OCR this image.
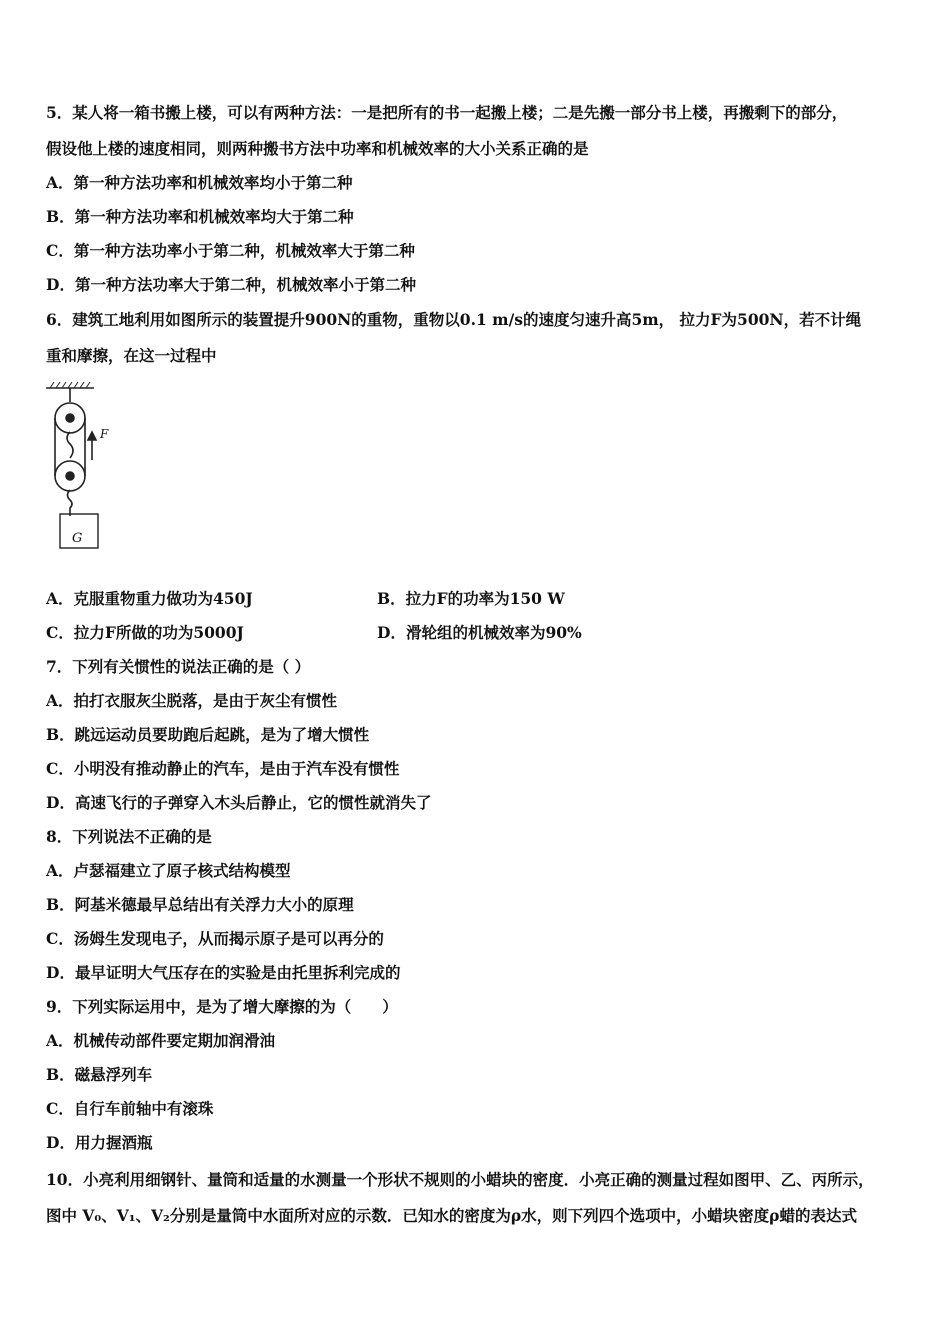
5．某人将一箱书搬上楼，可以有两种方法：一是把所有的书一起搬上楼；二是先搬一部分书上楼，再搬剩下的部分，
假设他上楼的速度相同，则两种搬书方法中功率和机械效率的大小关系正确的是
A．第一种方法功率和机械效率均小于第二种
B．第一种方法功率和机械效率均大于第二种
C．第一种方法功率小于第二种，机械效率大于第二种
D．第一种方法功率大于第二种，机械效率小于第二种
6．建筑工地利用如图所示的装置提升900N的重物，重物以0.1 m/s的速度匀速升高5m， 拉力F为500N，若不计绳
重和摩擦，在这一过程中
F
G
A．克服重物重力做功为450J	B．拉力F的功率为150 W
C．拉力F所做的功为5000J	D．滑轮组的机械效率为90%
7．下列有关惯性的说法正确的是（ ）
A．拍打衣服灰尘脱落，是由于灰尘有惯性
B．跳远运动员要助跑后起跳，是为了增大惯性
C．小明没有推动静止的汽车，是由于汽车没有惯性
D．高速飞行的子弹穿入木头后静止，它的惯性就消失了
8．下列说法不正确的是
A．卢瑟福建立了原子核式结构模型
B．阿基米德最早总结出有关浮力大小的原理
C．汤姆生发现电子，从而揭示原子是可以再分的
D．最早证明大气压存在的实验是由托里拆利完成的
9．下列实际运用中，是为了增大摩擦的为（　　）
A．机械传动部件要定期加润滑油
B．磁悬浮列车
C．自行车前轴中有滚珠
D．用力握酒瓶
10．小亮利用细钢针、量筒和适量的水测量一个形状不规则的小蜡块的密度．小亮正确的测量过程如图甲、乙、丙所示，
图中 V₀、V₁、V₂分别是量筒中水面所对应的示数．已知水的密度为ρ水，则下列四个选项中，小蜡块密度ρ蜡的表达式
